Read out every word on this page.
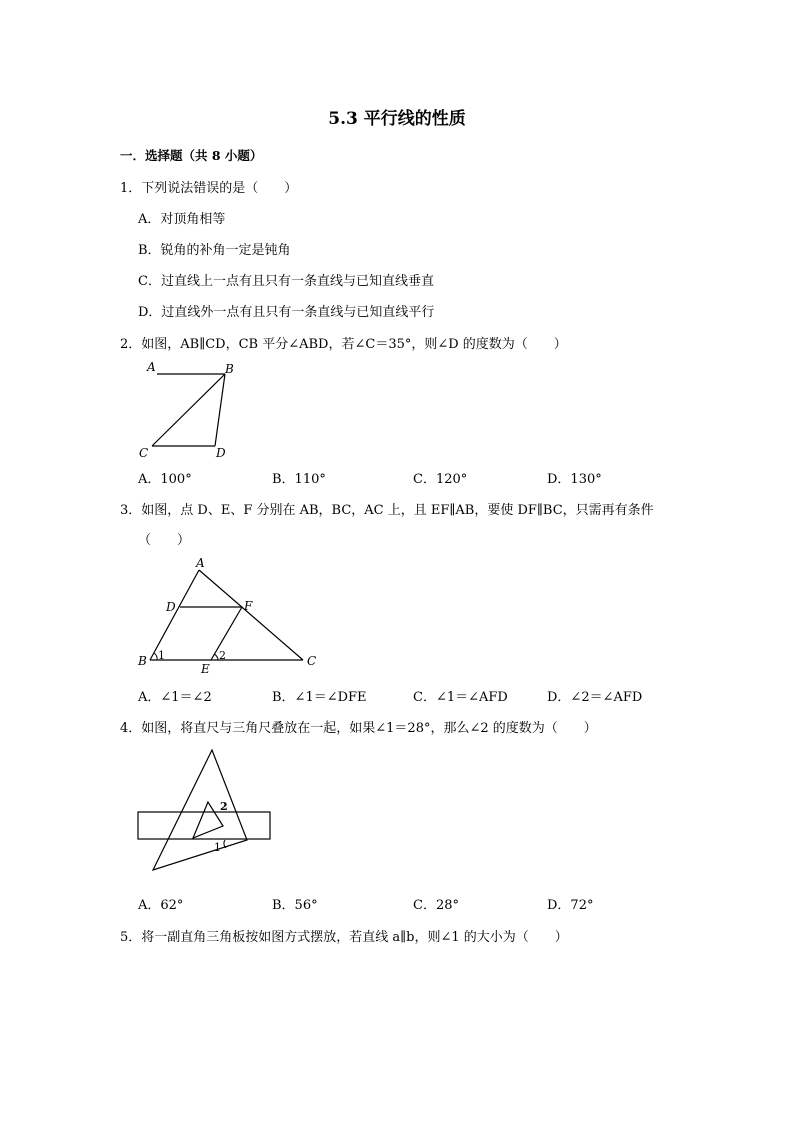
5.3 平行线的性质
一．选择题（共 8 小题）
1．下列说法错误的是（　　）
A．对顶角相等
B．锐角的补角一定是钝角
C．过直线上一点有且只有一条直线与已知直线垂直
D．过直线外一点有且只有一条直线与已知直线平行
2．如图，AB∥CD，CB 平分∠ABD，若∠C＝35°，则∠D 的度数为（　　）
A	B
C	D
A．100°	B．110°	C．120°	D．130°
3．如图，点 D、E、F 分别在 AB，BC，AC 上，且 EF∥AB，要使 DF∥BC，只需再有条件
（　　）
A
D	F
B 1
E
2	C
A．∠1＝∠2	B．∠1＝∠DFE	C．∠1＝∠AFD	D．∠2＝∠AFD
4．如图，将直尺与三角尺叠放在一起，如果∠1＝28°，那么∠2 的度数为（　　）
2
1
A．62°	B．56°	C．28°	D．72°
5．将一副直角三角板按如图方式摆放，若直线 a∥b，则∠1 的大小为（　　）
